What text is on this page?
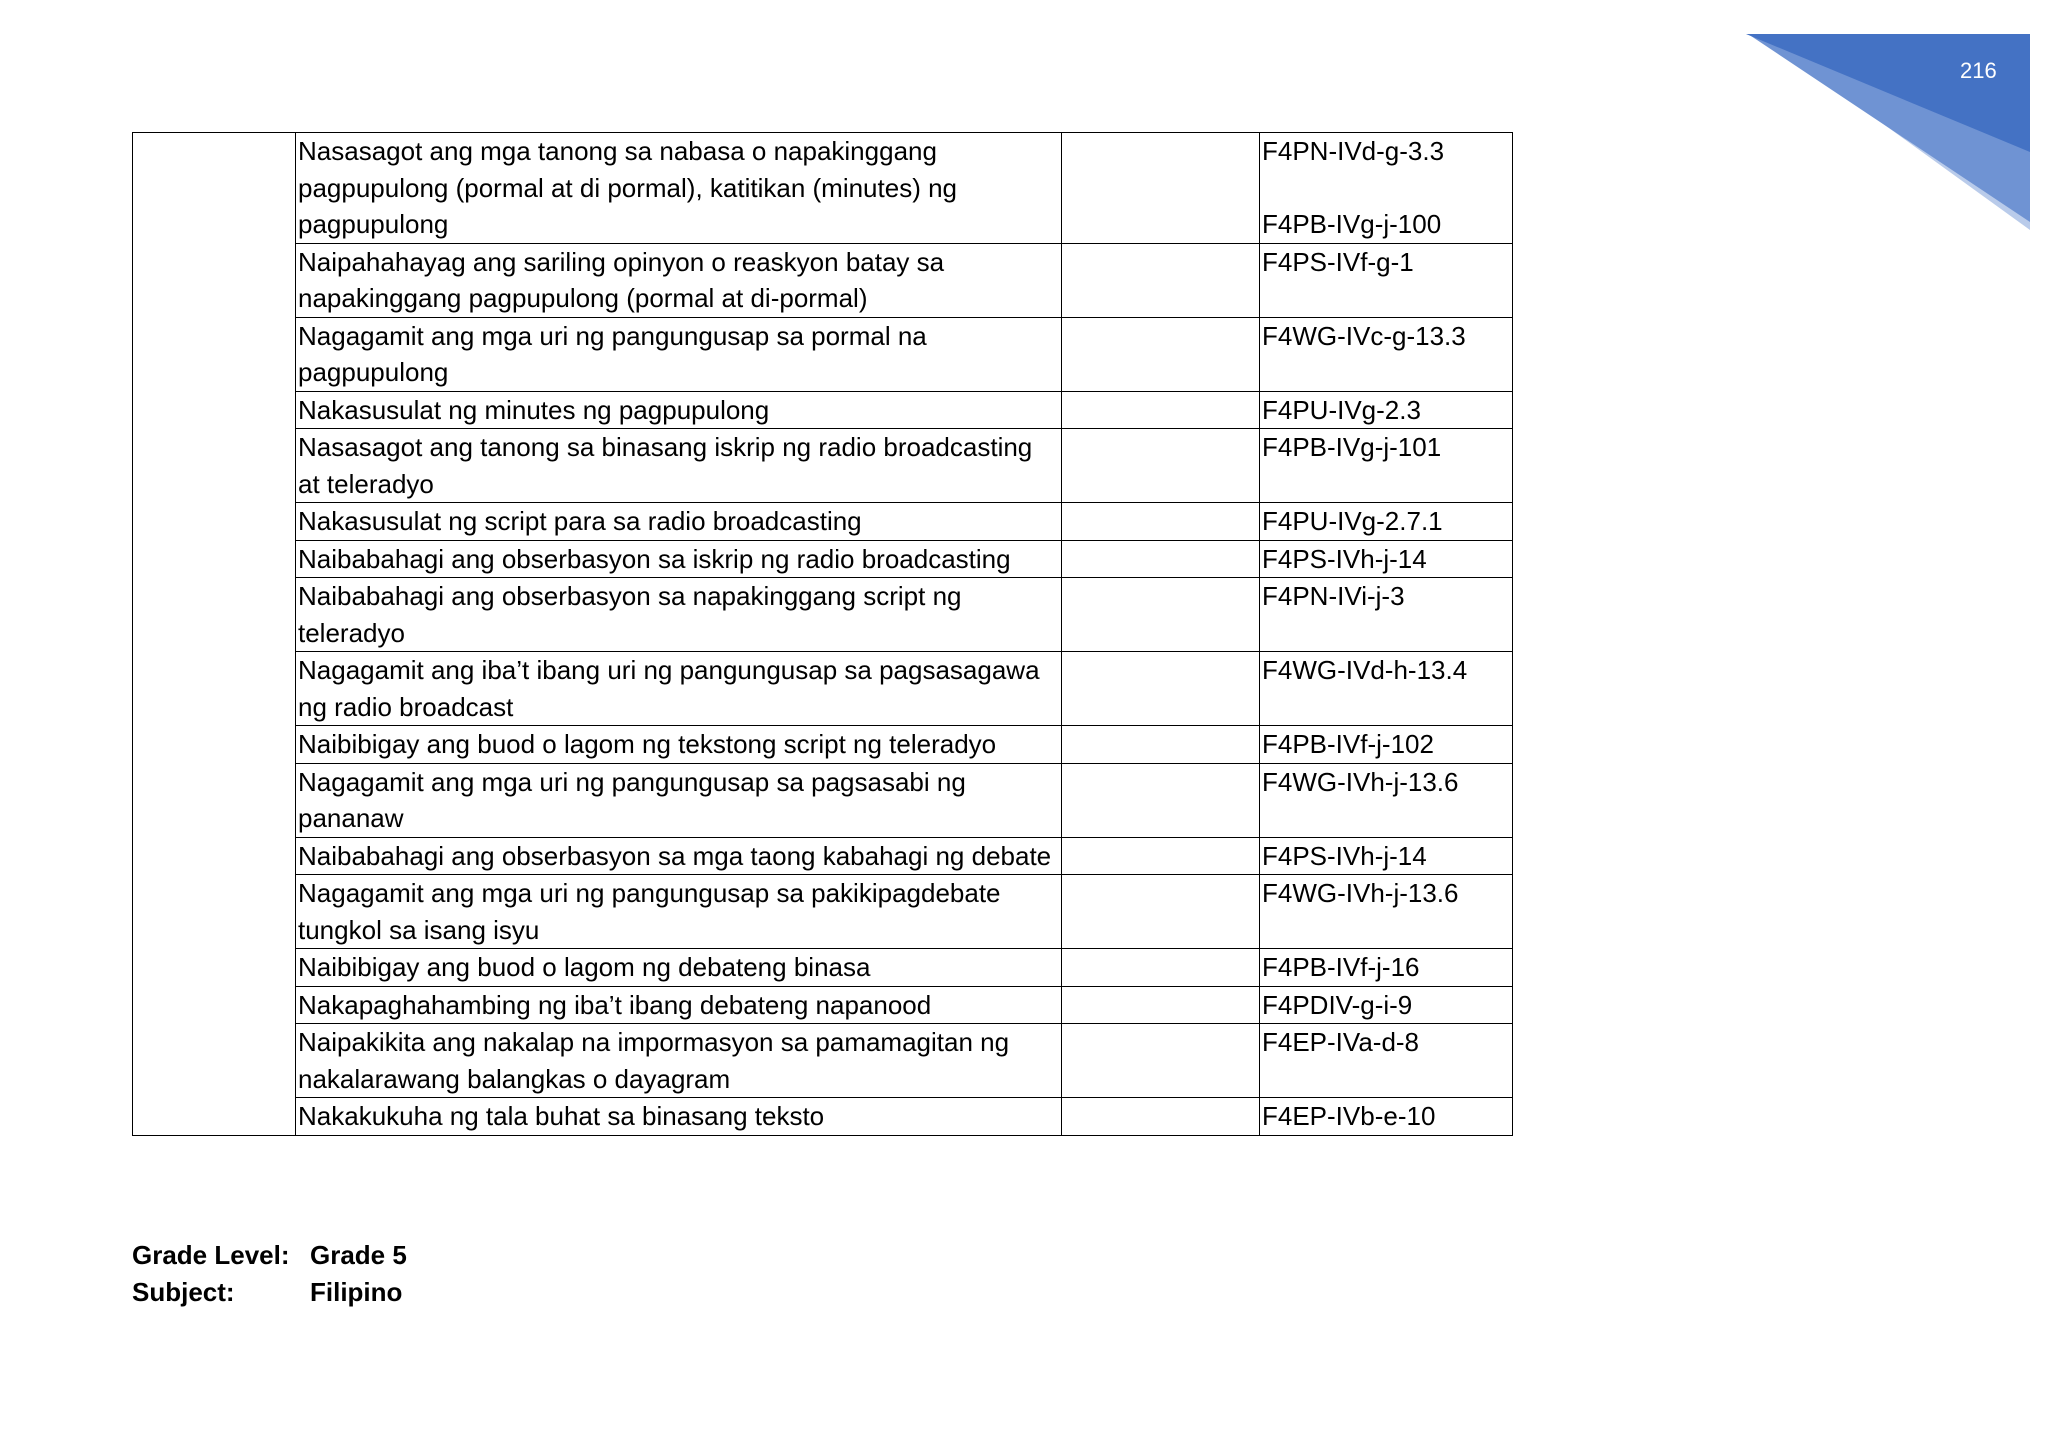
216
	Nasasagot ang mga tanong sa nabasa o napakinggang pagpupulong (pormal at di pormal), katitikan (minutes) ng pagpupulong		F4PN-IVd-g-3.3

F4PB-IVg-j-100
	Naipahahayag ang sariling opinyon o reaskyon batay sa napakinggang pagpupulong (pormal at di-pormal)		F4PS-IVf-g-1
	Nagagamit ang mga uri ng pangungusap sa pormal na pagpupulong		F4WG-IVc-g-13.3
	Nakasusulat ng minutes ng pagpupulong		F4PU-IVg-2.3
	Nasasagot ang tanong sa binasang iskrip ng radio broadcasting at teleradyo		F4PB-IVg-j-101
	Nakasusulat ng script para sa radio broadcasting		F4PU-IVg-2.7.1
	Naibabahagi ang obserbasyon sa iskrip ng radio broadcasting		F4PS-IVh-j-14
	Naibabahagi ang obserbasyon sa napakinggang script ng teleradyo		F4PN-IVi-j-3
	Nagagamit ang iba’t ibang uri ng pangungusap sa pagsasagawa ng radio broadcast		F4WG-IVd-h-13.4
	Naibibigay ang buod o lagom ng tekstong script ng teleradyo		F4PB-IVf-j-102
	Nagagamit ang mga uri ng pangungusap sa pagsasabi ng pananaw		F4WG-IVh-j-13.6
	Naibabahagi ang obserbasyon sa mga taong kabahagi ng debate		F4PS-IVh-j-14
	Nagagamit ang mga uri ng pangungusap sa pakikipagdebate tungkol sa isang isyu		F4WG-IVh-j-13.6
	Naibibigay ang buod o lagom ng debateng binasa		F4PB-IVf-j-16
	Nakapaghahambing ng iba’t ibang debateng napanood		F4PDIV-g-i-9
	Naipakikita ang nakalap na impormasyon sa pamamagitan ng nakalarawang balangkas o dayagram		F4EP-IVa-d-8
	Nakakukuha ng tala buhat sa binasang teksto		F4EP-IVb-e-10
Grade Level: Grade 5
Subject:	Filipino
